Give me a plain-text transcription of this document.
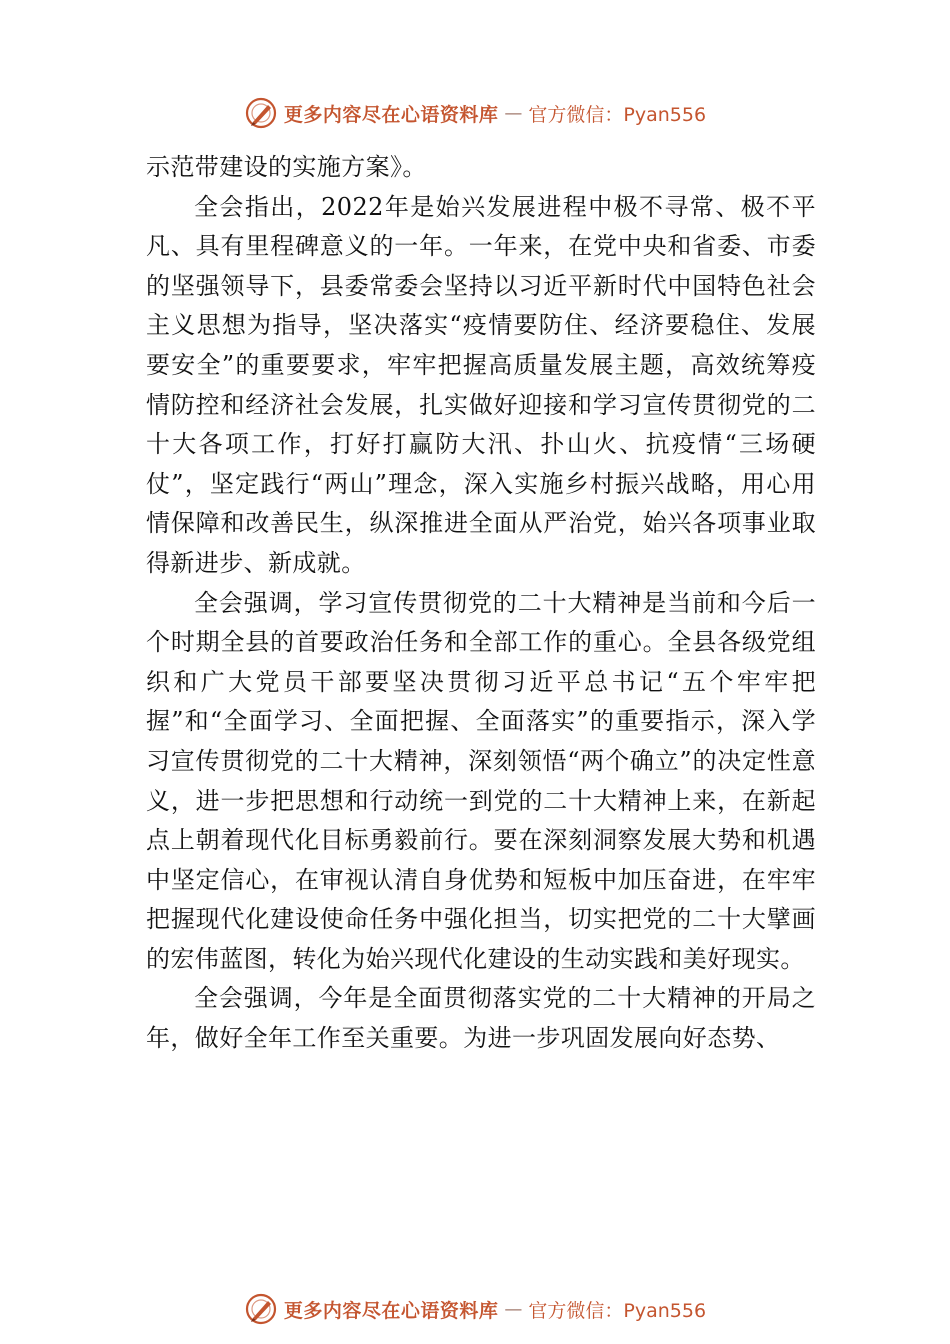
更多内容尽在心语资料库 — 官方微信：Pyan556

示范带建设的实施方案》。

全会指出，2022年是始兴发展进程中极不寻常、极不平凡、具有里程碑意义的一年。一年来，在党中央和省委、市委的坚强领导下，县委常委会坚持以习近平新时代中国特色社会主义思想为指导，坚决落实“疫情要防住、经济要稳住、发展要安全”的重要要求，牢牢把握高质量发展主题，高效统筹疫情防控和经济社会发展，扎实做好迎接和学习宣传贯彻党的二十大各项工作，打好打赢防大汛、扑山火、抗疫情“三场硬仗”，坚定践行“两山”理念，深入实施乡村振兴战略，用心用情保障和改善民生，纵深推进全面从严治党，始兴各项事业取得新进步、新成就。

全会强调，学习宣传贯彻党的二十大精神是当前和今后一个时期全县的首要政治任务和全部工作的重心。全县各级党组织和广大党员干部要坚决贯彻习近平总书记“五个牢牢把握”和“全面学习、全面把握、全面落实”的重要指示，深入学习宣传贯彻党的二十大精神，深刻领悟“两个确立”的决定性意义，进一步把思想和行动统一到党的二十大精神上来，在新起点上朝着现代化目标勇毅前行。要在深刻洞察发展大势和机遇中坚定信心，在审视认清自身优势和短板中加压奋进，在牢牢把握现代化建设使命任务中强化担当，切实把党的二十大擘画的宏伟蓝图，转化为始兴现代化建设的生动实践和美好现实。

全会强调，今年是全面贯彻落实党的二十大精神的开局之年，做好全年工作至关重要。为进一步巩固发展向好态势、

更多内容尽在心语资料库 — 官方微信：Pyan556
